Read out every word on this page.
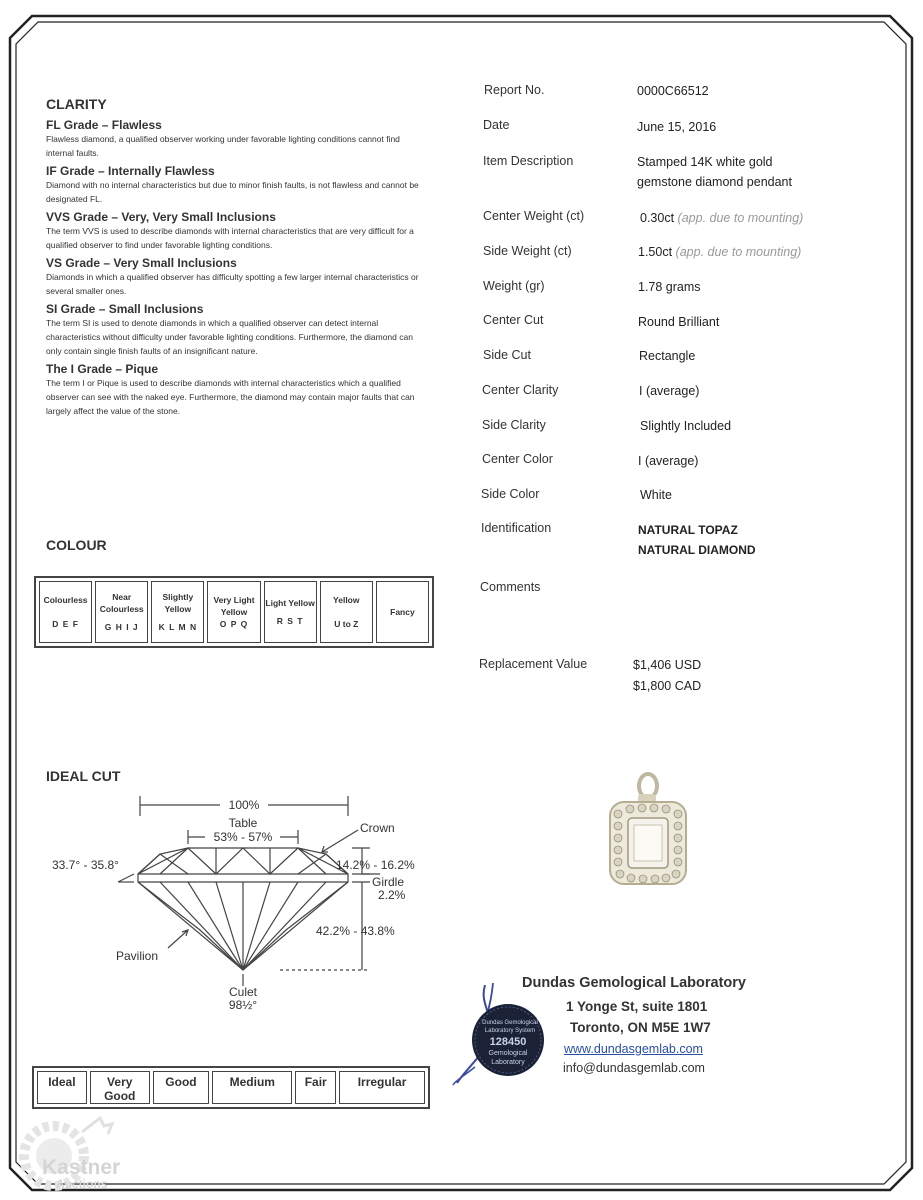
CLARITY
FL Grade – Flawless
Flawless diamond, a qualified observer working under favorable lighting conditions cannot find internal faults.
IF Grade – Internally Flawless
Diamond with no internal characteristics but due to minor finish faults, is not flawless and cannot be designated FL.
VVS Grade – Very, Very Small Inclusions
The term VVS is used to describe diamonds with internal characteristics that are very difficult for a qualified observer to find under favorable lighting conditions.
VS Grade – Very Small Inclusions
Diamonds in which a qualified observer has difficulty spotting a few larger internal characteristics or several smaller ones.
SI Grade – Small Inclusions
The term SI is used to denote diamonds in which a qualified observer can detect internal characteristics without difficulty under favorable lighting conditions. Furthermore, the diamond can only contain single finish faults of an insignificant nature.
The I Grade – Pique
The term I or Pique is used to describe diamonds with internal characteristics which a qualified observer can see with the naked eye. Furthermore, the diamond may contain major faults that can largely affect the value of the stone.
COLOUR
Colourless
D E F

Near Colourless
G H I J

Slightly Yellow
K L M N

Very Light Yellow
O P Q

Light Yellow
R S T

Yellow
U to Z

Fancy
IDEAL CUT
100%
Table
53% - 57%
Crown
33.7° - 35.8°	14.2% - 16.2%
Girdle
2.2%
42.2% - 43.8%
Pavilion
Culet
98½°
Ideal	Very Good	Good	Medium	Fair	Irregular
Report No.	0000C66512
Date	June 15, 2016
Item Description	Stamped 14K white gold
gemstone diamond pendant
Center Weight (ct)	0.30ct (app. due to mounting)
Side Weight (ct)	1.50ct (app. due to mounting)
Weight (gr)	1.78 grams
Center Cut	Round Brilliant
Side Cut	Rectangle
Center Clarity	I (average)
Side Clarity	Slightly Included
Center Color	I (average)
Side Color	White
Identification	NATURAL TOPAZ
NATURAL DIAMOND
Comments
Replacement Value	$1,406 USD
$1,800 CAD
Dundas Gemological Laboratory
1 Yonge St, suite 1801
Toronto, ON M5E 1W7
www.dundasgemlab.com
info@dundasgemlab.com
Dundas Gemological
Laboratory System
128450
Gemological
Laboratory
Kastner
Auctions
